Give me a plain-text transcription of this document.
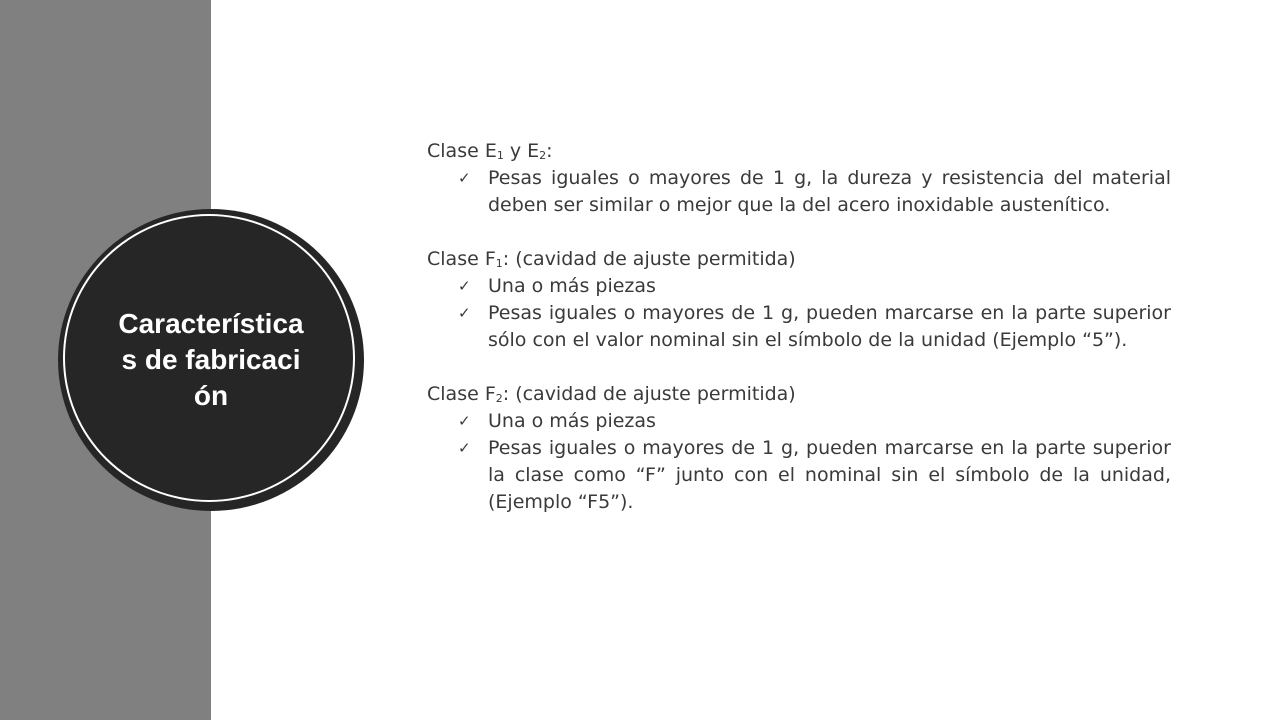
Características de fabricación

Clase $E_1$ y $E_2$:

✓ Pesas iguales o mayores de 1 g, la dureza y resistencia del material deben ser similar o mejor que la del acero inoxidable austenítico.

Clase $F_1$: (cavidad de ajuste permitida)

✓ Una o más piezas
✓ Pesas iguales o mayores de 1 g, pueden marcarse en la parte superior sólo con el valor nominal sin el símbolo de la unidad (Ejemplo “5”).

Clase $F_2$: (cavidad de ajuste permitida)

✓ Una o más piezas
✓ Pesas iguales o mayores de 1 g, pueden marcarse en la parte superior la clase como “F” junto con el nominal sin el símbolo de la unidad, (Ejemplo “F5”).
